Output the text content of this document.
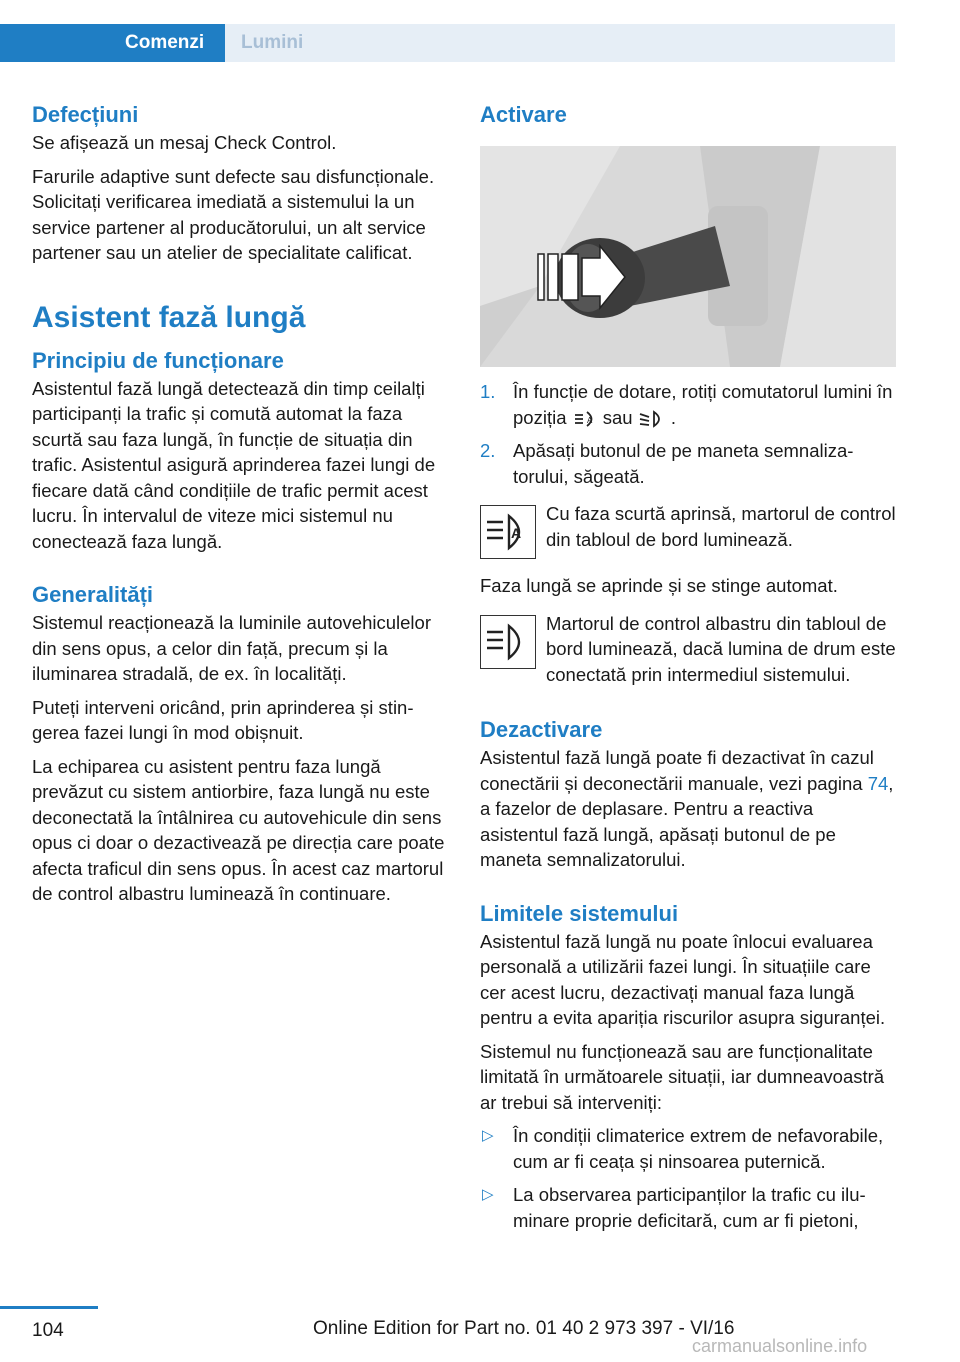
Comenzi Lumini
Defecțiuni

Se afișează un mesaj Check Control.

Farurile adaptive sunt defecte sau disfuncționale. Solicitați verificarea imediată a sistemului la un service partener al producătorului, un alt service partener sau un atelier de specialitate calificat.

Asistent fază lungă
Principiu de funcționare

Asistentul fază lungă detectează din timp ceilalți participanți la trafic și comută automat la faza scurtă sau faza lungă, în funcție de situația din trafic. Asistentul asigură aprinderea fazei lungi de fiecare dată când condițiile de trafic permit acest lucru. În intervalul de viteze mici sistemul nu conectează faza lungă.

Generalități

Sistemul reacționează la luminile autovehiculelor din sens opus, a celor din față, precum și la iluminarea stradală, de ex. în localități.

Puteți interveni oricând, prin aprinderea și stingerea fazei lungi în mod obișnuit.

La echiparea cu asistent pentru faza lungă prevăzut cu sistem antiorbire, faza lungă nu este deconectată la întâlnirea cu autovehicule din sens opus ci doar o dezactivează pe direcția care poate afecta traficul din sens opus. În acest caz martorul de control albastru luminează în continuare.

Activare
1. În funcție de dotare, rotiți comutatorul lumini în poziția	A sau .
2. Apăsați butonul de pe maneta semnalizatorului, săgeată.
A
Cu faza scurtă aprinsă, martorul de control din tabloul de bord luminează.

Faza lungă se aprinde și se stinge automat.

Martorul de control albastru din tabloul de bord luminează, dacă lumina de drum este conectată prin intermediul sistemului.
Dezactivare

Asistentul fază lungă poate fi dezactivat în cazul conectării și deconectării manuale, vezi pagina 74, a fazelor de deplasare. Pentru a reactiva asistentul fază lungă, apăsați butonul de pe maneta semnalizatorului.

Limitele sistemului

Asistentul fază lungă nu poate înlocui evaluarea personală a utilizării fazei lungi. În situațiile care cer acest lucru, dezactivați manual faza lungă pentru a evita apariția riscurilor asupra siguranței.

Sistemul nu funcționează sau are funcționalitate limitată în următoarele situații, iar dumneavoastră ar trebui să interveniți:

▷ În condiții climaterice extrem de nefavorabile, cum ar fi ceața și ninsoarea puternică.
▷ La observarea participanților la trafic cu iluminare proprie deficitară, cum ar fi pietoni,
104	Online Edition for Part no. 01 40 2 973 397 - VI/16
carmanualsonline.info
